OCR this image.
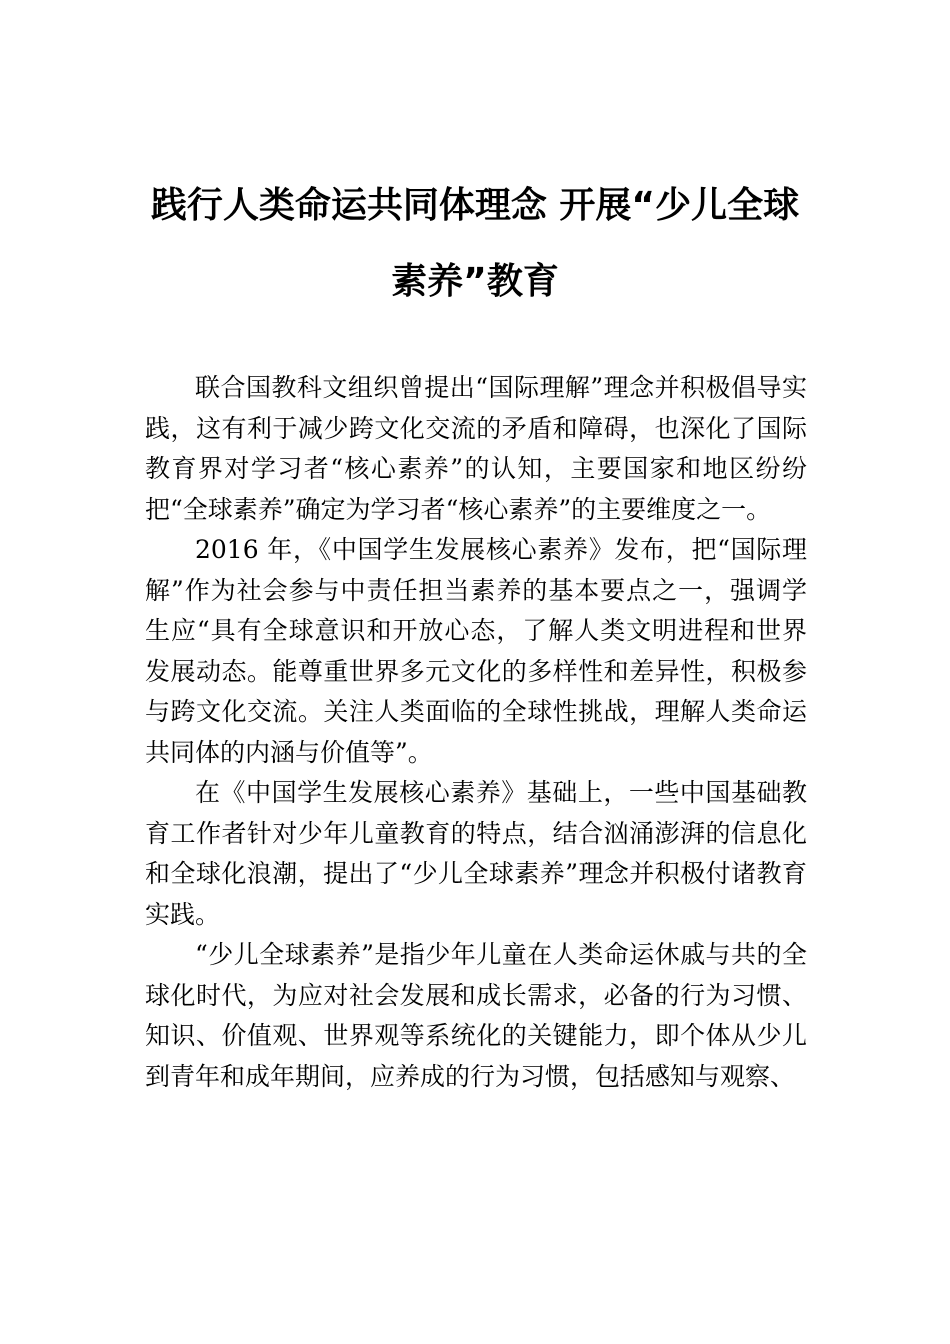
践行人类命运共同体理念 开展“少儿全球
素养”教育

联合国教科文组织曾提出“国际理解”理念并积极倡导实践，这有利于减少跨文化交流的矛盾和障碍，也深化了国际教育界对学习者“核心素养”的认知，主要国家和地区纷纷把“全球素养”确定为学习者“核心素养”的主要维度之一。

2016 年，《中国学生发展核心素养》发布，把“国际理解”作为社会参与中责任担当素养的基本要点之一，强调学生应“具有全球意识和开放心态，了解人类文明进程和世界发展动态。能尊重世界多元文化的多样性和差异性，积极参与跨文化交流。关注人类面临的全球性挑战，理解人类命运共同体的内涵与价值等”。

在《中国学生发展核心素养》基础上，一些中国基础教育工作者针对少年儿童教育的特点，结合汹涌澎湃的信息化和全球化浪潮，提出了“少儿全球素养”理念并积极付诸教育实践。

“少儿全球素养”是指少年儿童在人类命运休戚与共的全球化时代，为应对社会发展和成长需求，必备的行为习惯、知识、价值观、世界观等系统化的关键能力，即个体从少儿到青年和成年期间，应养成的行为习惯，包括感知与观察、
